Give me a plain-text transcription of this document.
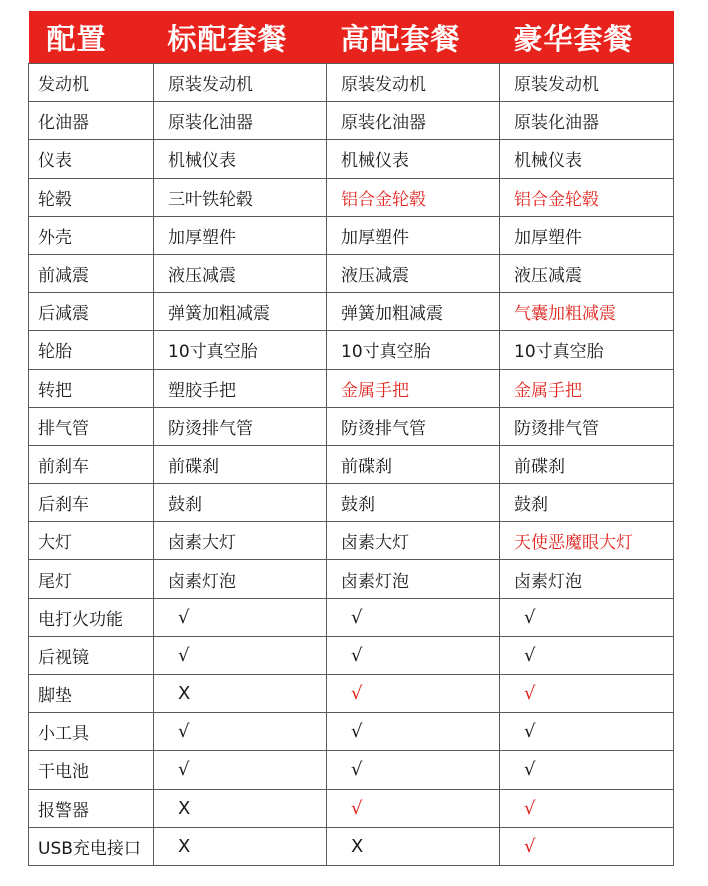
配置	标配套餐	高配套餐	豪华套餐
发动机	原装发动机	原装发动机	原装发动机
化油器	原装化油器	原装化油器	原装化油器
仪表	机械仪表	机械仪表	机械仪表
轮毂	三叶铁轮毂	铝合金轮毂	铝合金轮毂
外壳	加厚塑件	加厚塑件	加厚塑件
前减震	液压减震	液压减震	液压减震
后减震	弹簧加粗减震	弹簧加粗减震	气囊加粗减震
轮胎	10寸真空胎	10寸真空胎	10寸真空胎
转把	塑胶手把	金属手把	金属手把
排气管	防烫排气管	防烫排气管	防烫排气管
前刹车	前碟刹	前碟刹	前碟刹
后刹车	鼓刹	鼓刹	鼓刹
大灯	卤素大灯	卤素大灯	天使恶魔眼大灯
尾灯	卤素灯泡	卤素灯泡	卤素灯泡
电打火功能	√	√	√
后视镜	√	√	√
脚垫	X	√	√
小工具	√	√	√
干电池	√	√	√
报警器	X	√	√
USB充电接口	X	X	√
